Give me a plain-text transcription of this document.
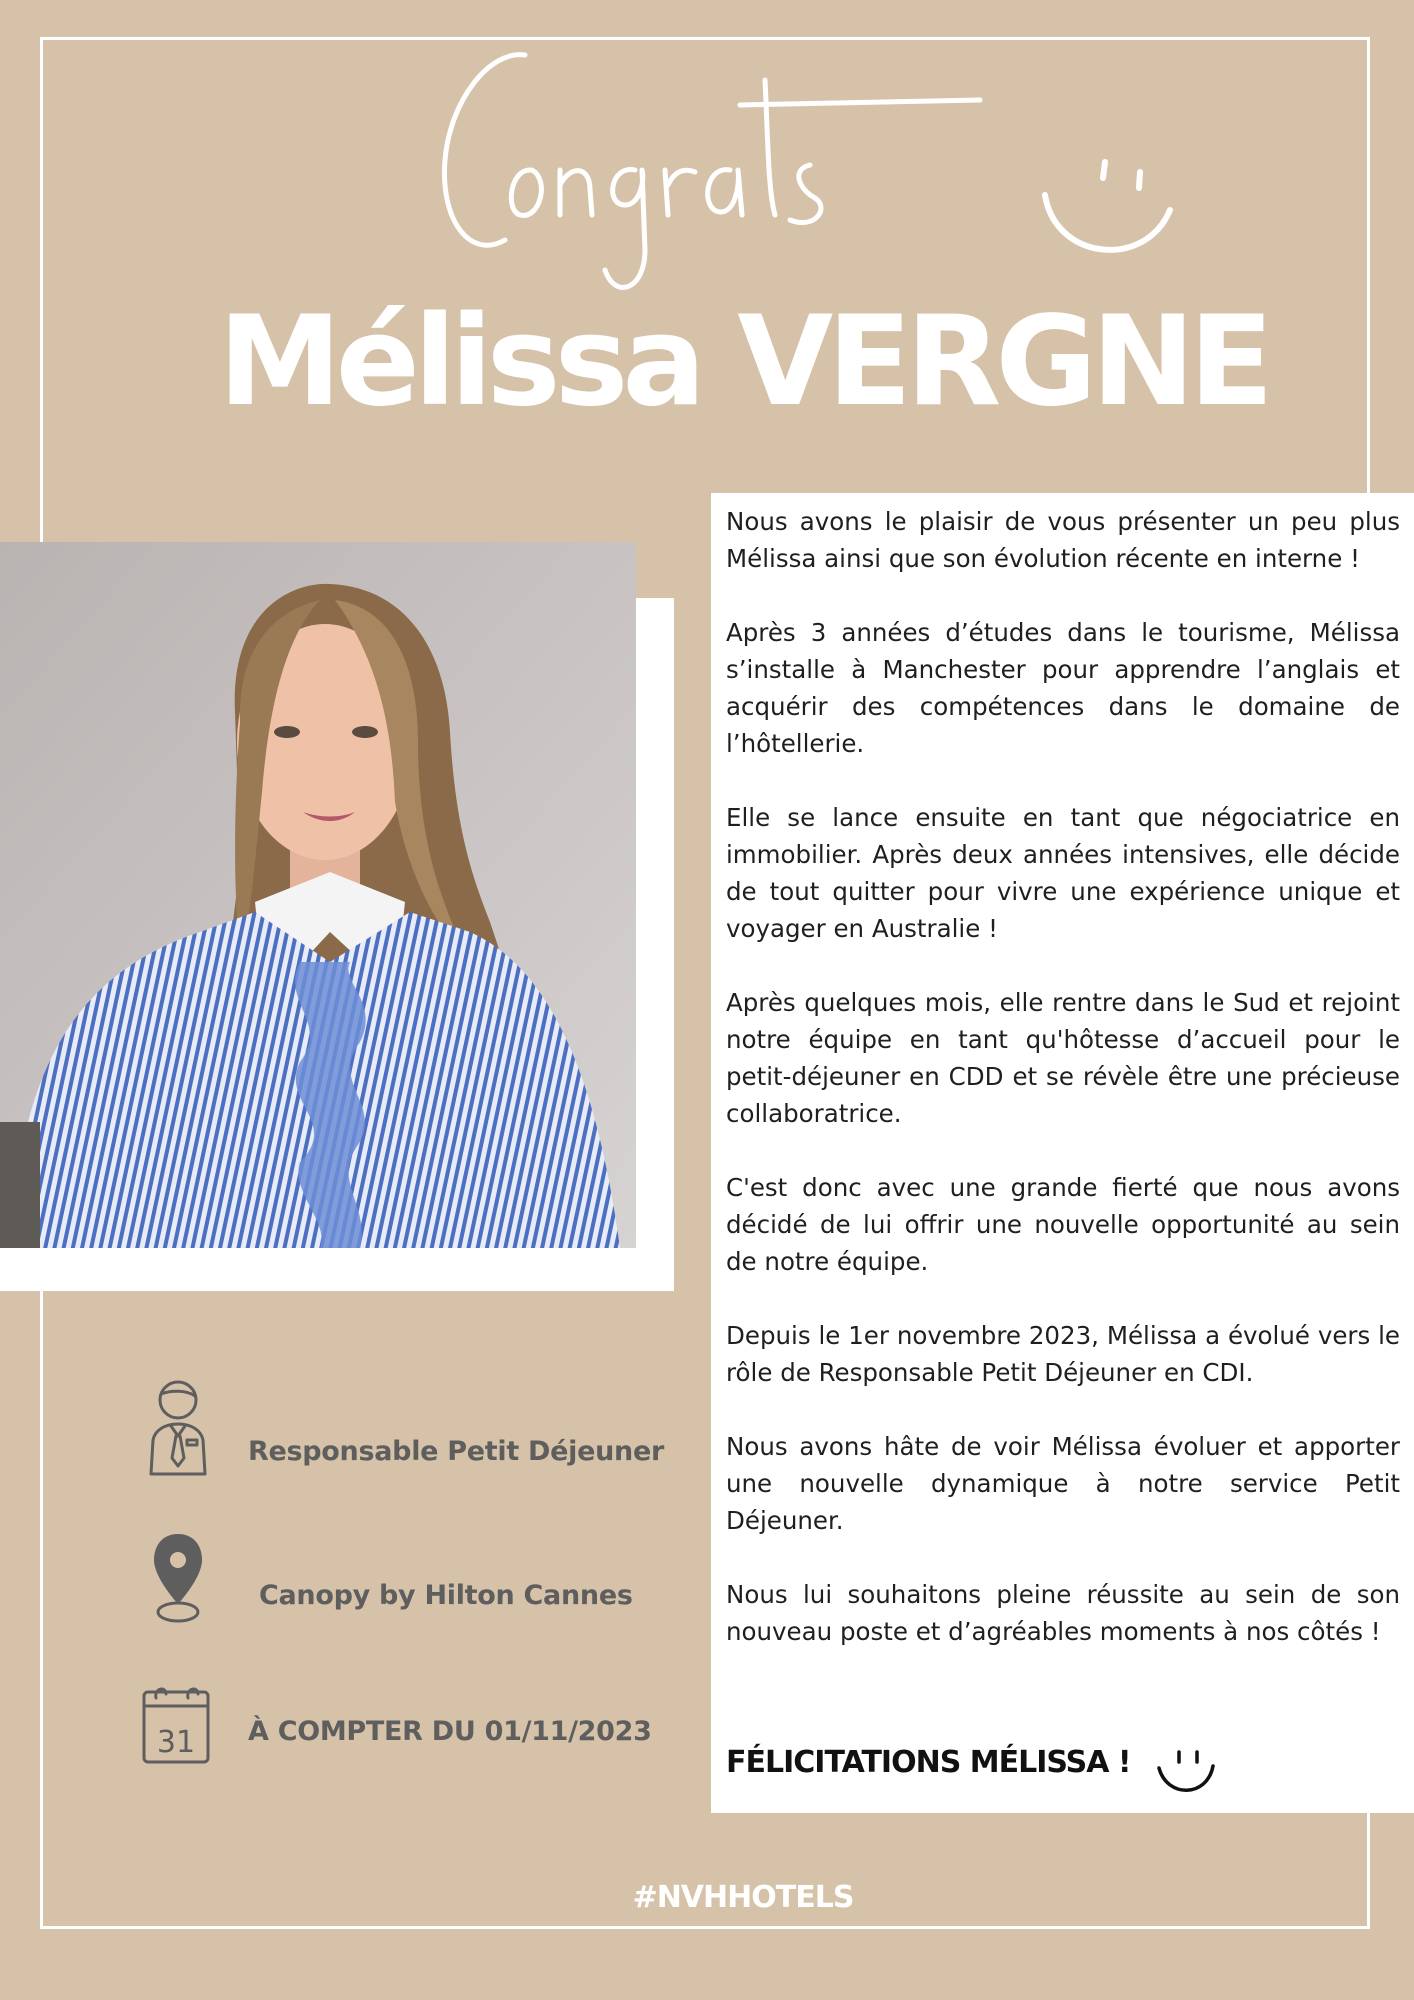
Mélissa VERGNE

Nous avons le plaisir de vous présenter un peu plus Mélissa ainsi que son évolution récente en interne !

Après 3 années d’études dans le tourisme, Mélissa s’installe à Manchester pour apprendre l’anglais et acquérir des compétences dans le domaine de l’hôtellerie.

Elle se lance ensuite en tant que négociatrice en immobilier. Après deux années intensives, elle décide de tout quitter pour vivre une expérience unique et voyager en Australie !

Après quelques mois, elle rentre dans le Sud et rejoint notre équipe en tant qu'hôtesse d’accueil pour le petit-déjeuner en CDD et se révèle être une précieuse collaboratrice.

C'est donc avec une grande fierté que nous avons décidé de lui offrir une nouvelle opportunité au sein de notre équipe.

Depuis le 1er novembre 2023, Mélissa a évolué vers le rôle de Responsable Petit Déjeuner en CDI.

Nous avons hâte de voir Mélissa évoluer et apporter une nouvelle dynamique à notre service Petit Déjeuner.

Nous lui souhaitons pleine réussite au sein de son nouveau poste et d’agréables moments à nos côtés !

FÉLICITATIONS MÉLISSA !
Responsable Petit Déjeuner
Canopy by Hilton Cannes
31 À COMPTER DU 01/11/2023
#NVHHOTELS
